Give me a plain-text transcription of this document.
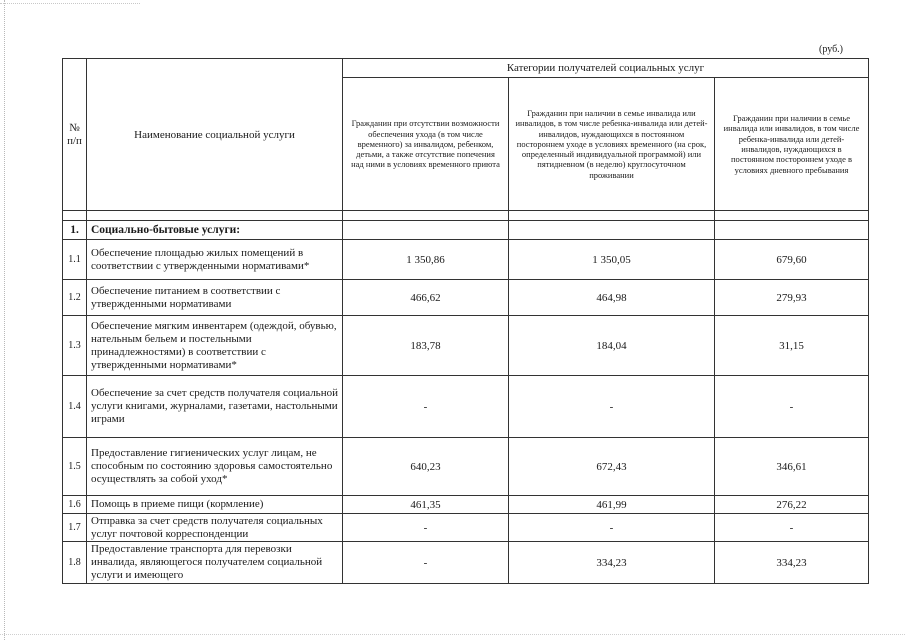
(руб.)
№ п/п	Наименование социальной услуги	Категории получателей социальных услуг		
		Гражданин при отсутствии возможности обеспечения ухода (в том числе временного) за инвалидом, ребенком, детьми, а также отсутствие попечения над ними в условиях временного приюта	Гражданин при наличии в семье инвалида или инвалидов, в том числе ребенка-инвалида или детей-инвалидов, нуждающихся в постоянном постороннем уходе в условиях временного (на срок, определенный индивидуальной программой) или пятидневном (в неделю) круглосуточном проживании	Гражданин при наличии в семье инвалида или инвалидов, в том числе ребенка-инвалида или детей-инвалидов, нуждающихся в постоянном постороннем уходе в условиях дневного пребывания

1.	Социально-бытовые услуги:			
1.1	Обеспечение площадью жилых помещений в соответствии с утвержденными нормативами*	1 350,86	1 350,05	679,60
1.2	Обеспечение питанием в соответствии с утвержденными нормативами	466,62	464,98	279,93
1.3	Обеспечение мягким инвентарем (одеждой, обувью, нательным бельем и постельными принадлежностями) в соответствии с утвержденными нормативами*	183,78	184,04	31,15
1.4	Обеспечение за счет средств получателя социальной услуги книгами, журналами, газетами, настольными играми	-	-	-
1.5	Предоставление гигиенических услуг лицам, не способным по состоянию здоровья самостоятельно осуществлять за собой уход*	640,23	672,43	346,61
1.6	Помощь в приеме пищи (кормление)	461,35	461,99	276,22
1.7	Отправка за счет средств получателя социальных услуг почтовой корреспонденции	-	-	-
1.8	Предоставление транспорта для перевозки инвалида, являющегося получателем социальной услуги и имеющего	-	334,23	334,23
